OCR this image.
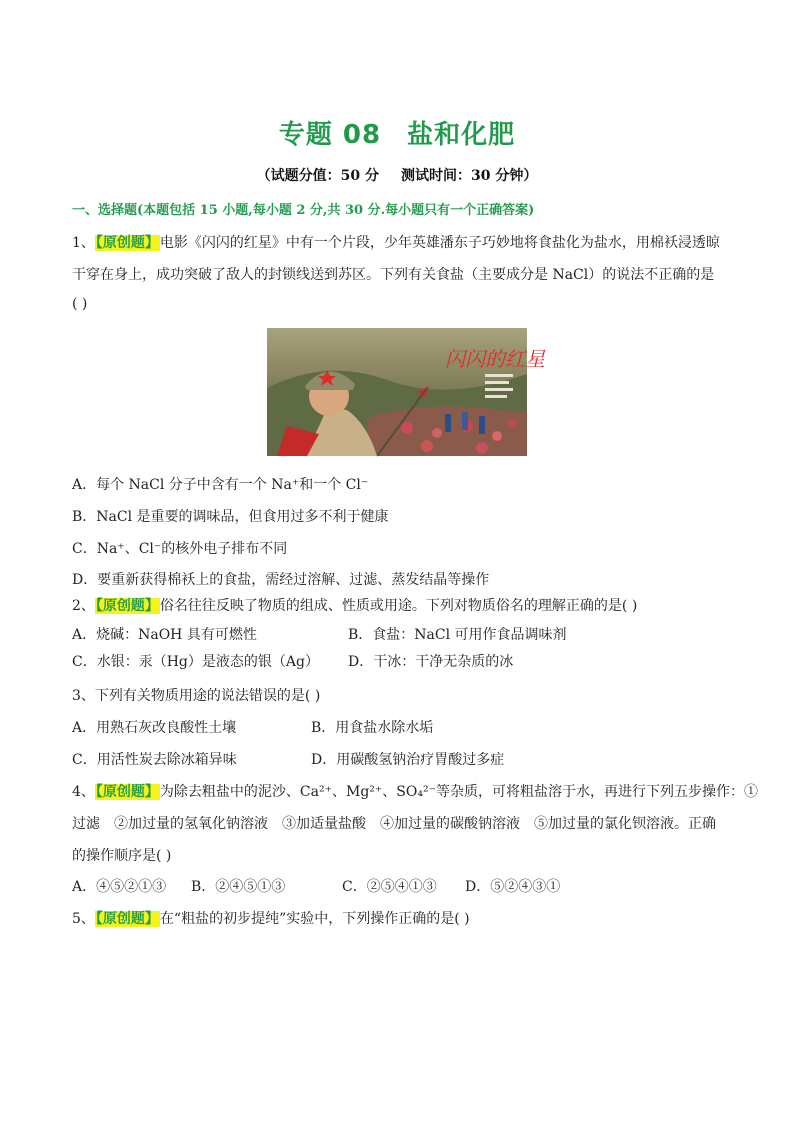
专题 08 盐和化肥
（试题分值：50 分 测试时间：30 分钟）
一、选择题(本题包括 15 小题,每小题 2 分,共 30 分.每小题只有一个正确答案)
1、【原创题】电影《闪闪的红星》中有一个片段，少年英雄潘东子巧妙地将食盐化为盐水，用棉袄浸透晾
干穿在身上，成功突破了敌人的封锁线送到苏区。下列有关食盐（主要成分是 NaCl）的说法不正确的是
( )
闪闪的红星
A．每个 NaCl 分子中含有一个 Na⁺和一个 Cl⁻
B．NaCl 是重要的调味品，但食用过多不利于健康
C．Na⁺、Cl⁻的核外电子排布不同
D．要重新获得棉袄上的食盐，需经过溶解、过滤、蒸发结晶等操作
2、【原创题】俗名往往反映了物质的组成、性质或用途。下列对物质俗名的理解正确的是( )
A．烧碱：NaOH 具有可燃性	B．食盐：NaCl 可用作食品调味剂
C．水银：汞（Hg）是液态的银（Ag） D．干冰：干净无杂质的冰
3、下列有关物质用途的说法错误的是( )
A．用熟石灰改良酸性土壤	B．用食盐水除水垢
C．用活性炭去除冰箱异味	D．用碳酸氢钠治疗胃酸过多症
4、【原创题】为除去粗盐中的泥沙、Ca²⁺、Mg²⁺、SO₄²⁻等杂质，可将粗盐溶于水，再进行下列五步操作：①
过滤　②加过量的氢氧化钠溶液　③加适量盐酸　④加过量的碳酸钠溶液　⑤加过量的氯化钡溶液。正确
的操作顺序是( )
A．④⑤②①③ B．②④⑤①③	C．②⑤④①③ D．⑤②④③①
5、【原创题】在“粗盐的初步提纯”实验中，下列操作正确的是( )
